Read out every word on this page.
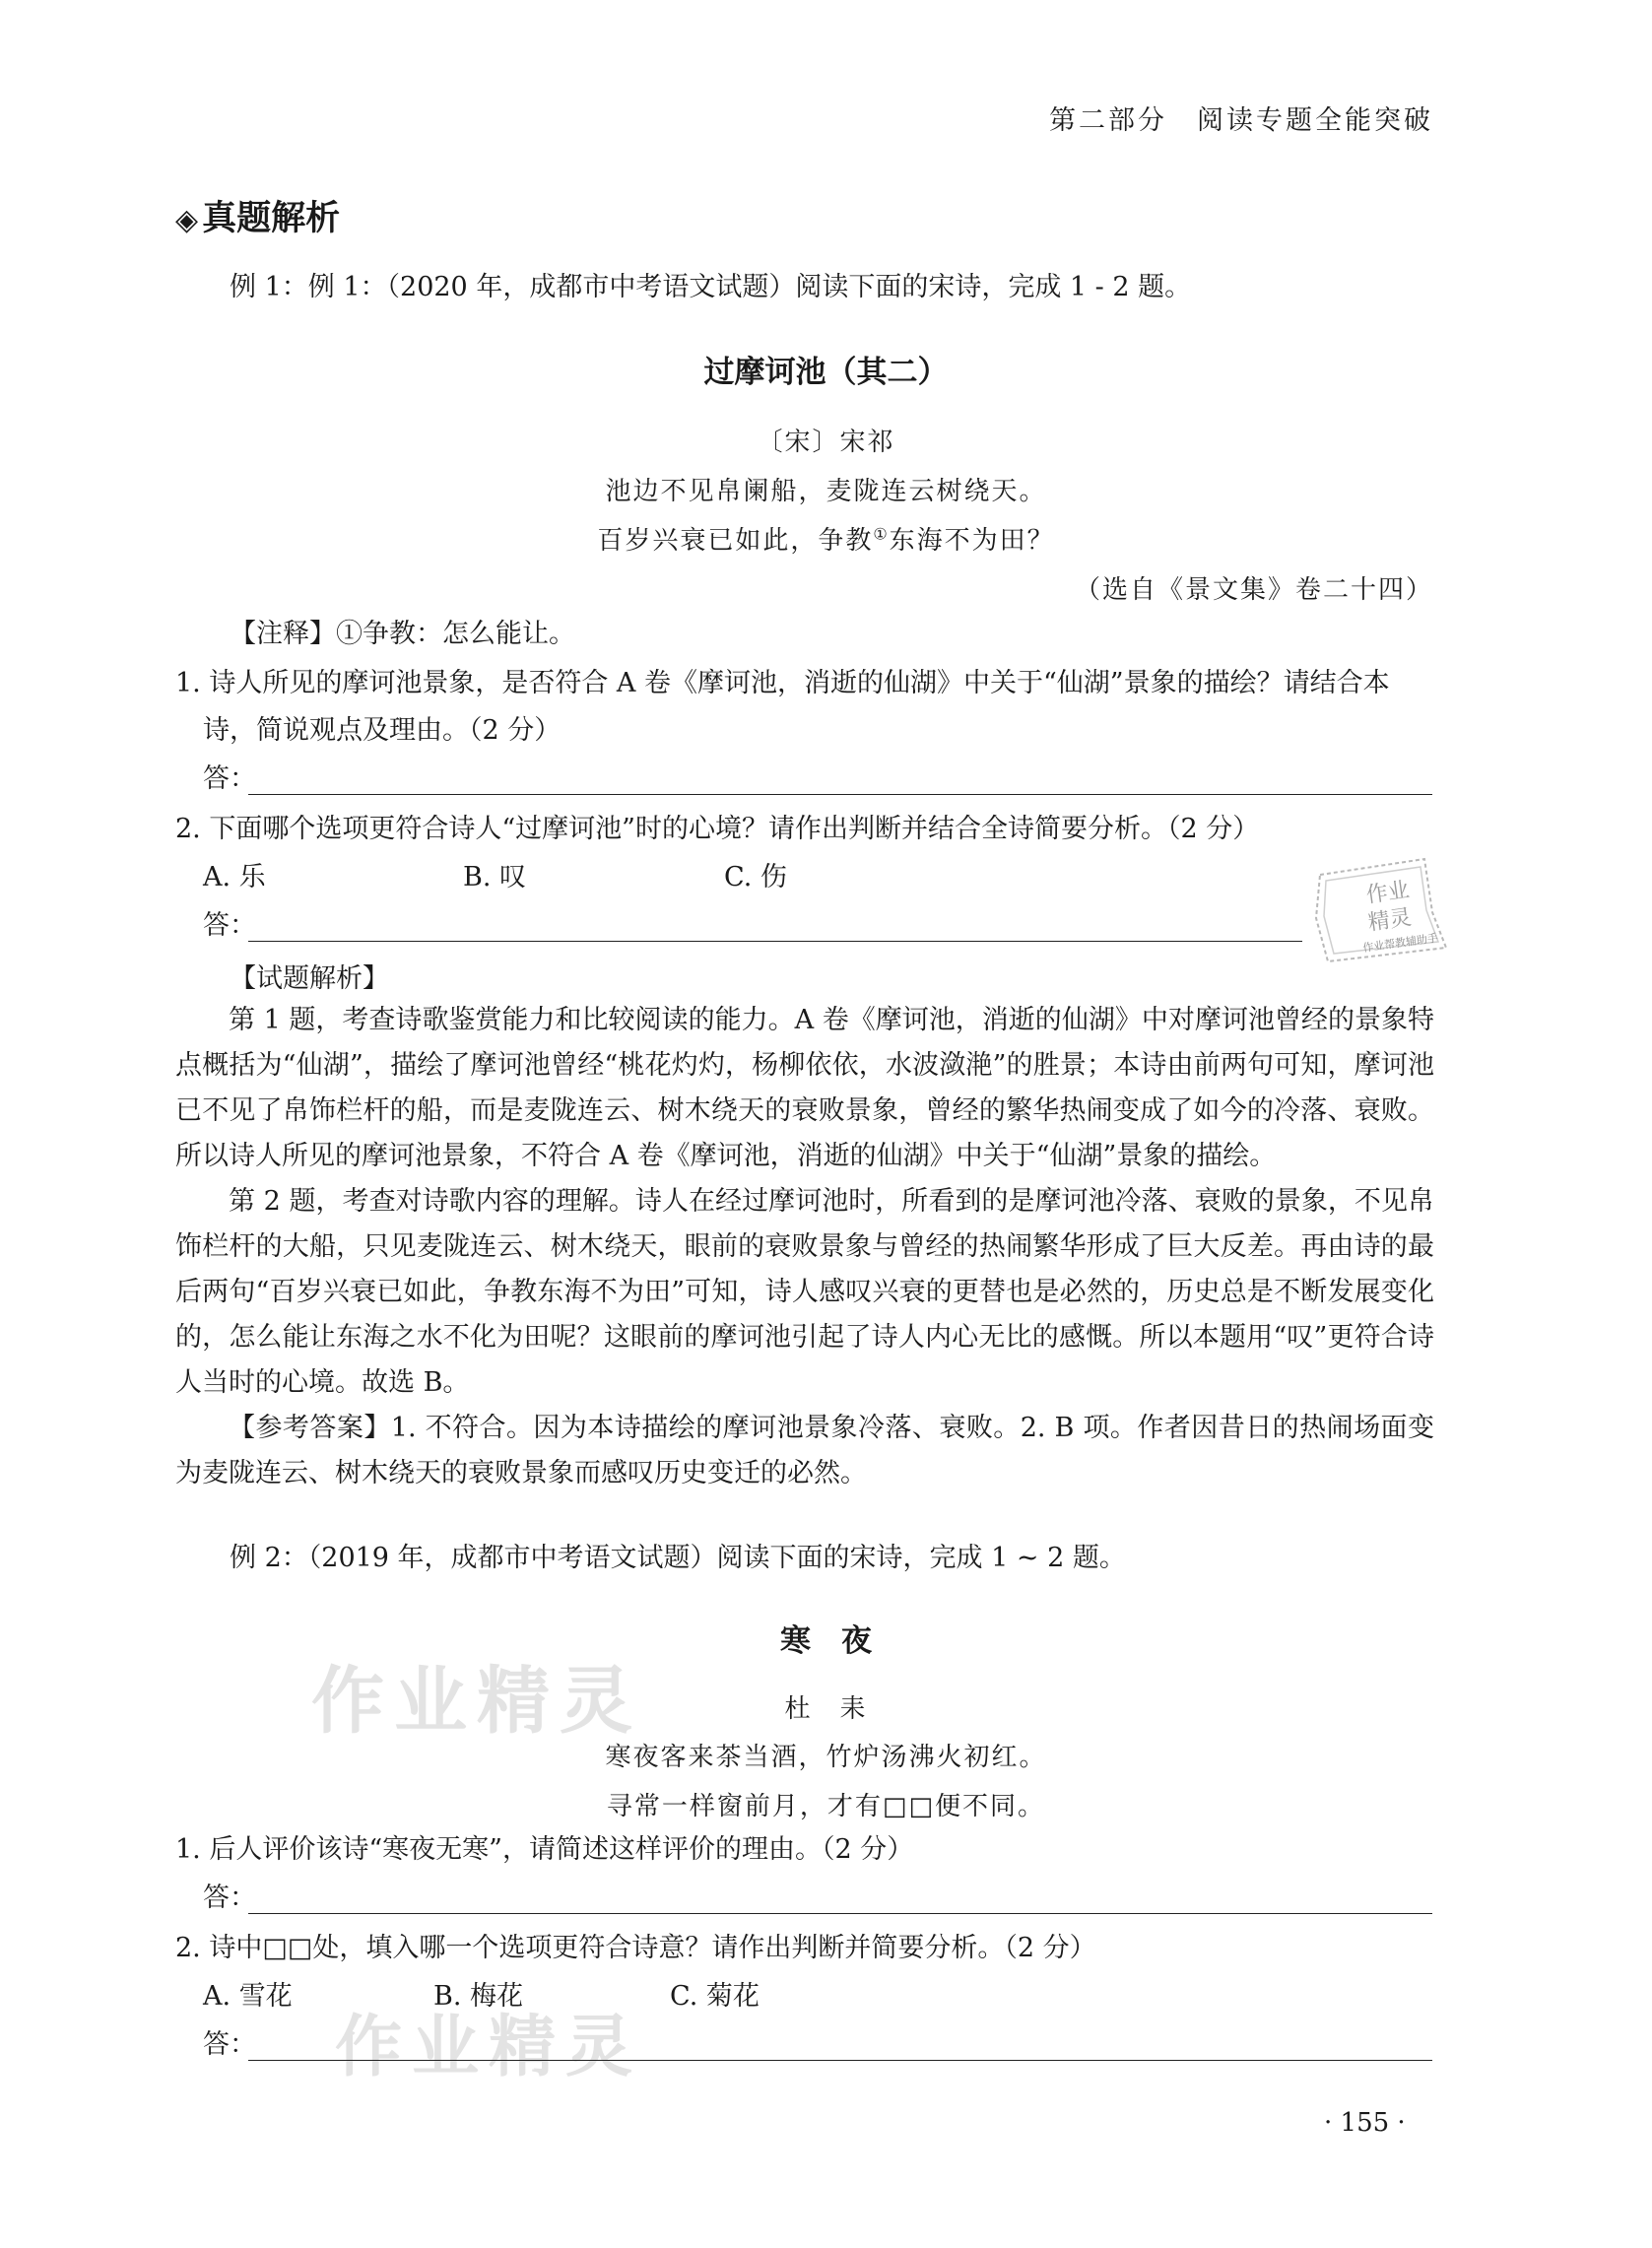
第二部分　阅读专题全能突破
◈ 真题解析
例 1：例 1：（2020 年，成都市中考语文试题）阅读下面的宋诗，完成 1 - 2 题。
过摩诃池（其二）
〔宋〕宋祁
池边不见帛阑船，麦陇连云树绕天。
百岁兴衰已如此，争教①东海不为田？
（选自《景文集》卷二十四）
【注释】①争教：怎么能让。
1. 诗人所见的摩诃池景象，是否符合 A 卷《摩诃池，消逝的仙湖》中关于“仙湖”景象的描绘？请结合本
诗，简说观点及理由。（2 分）
答：
2. 下面哪个选项更符合诗人“过摩诃池”时的心境？请作出判断并结合全诗简要分析。（2 分）
A. 乐	B. 叹	C. 伤
答：
作业
精灵
作业帮教辅助手
【试题解析】

第 1 题，考查诗歌鉴赏能力和比较阅读的能力。A 卷《摩诃池，消逝的仙湖》中对摩诃池曾经的景象特点概括为“仙湖”，描绘了摩诃池曾经“桃花灼灼，杨柳依依，水波潋滟”的胜景；本诗由前两句可知，摩诃池已不见了帛饰栏杆的船，而是麦陇连云、树木绕天的衰败景象，曾经的繁华热闹变成了如今的冷落、衰败。所以诗人所见的摩诃池景象，不符合 A 卷《摩诃池，消逝的仙湖》中关于“仙湖”景象的描绘。

第 2 题，考查对诗歌内容的理解。诗人在经过摩诃池时，所看到的是摩诃池冷落、衰败的景象，不见帛饰栏杆的大船，只见麦陇连云、树木绕天，眼前的衰败景象与曾经的热闹繁华形成了巨大反差。再由诗的最后两句“百岁兴衰已如此，争教东海不为田”可知，诗人感叹兴衰的更替也是必然的，历史总是不断发展变化的，怎么能让东海之水不化为田呢？这眼前的摩诃池引起了诗人内心无比的感慨。所以本题用“叹”更符合诗人当时的心境。故选 B。

【参考答案】1. 不符合。因为本诗描绘的摩诃池景象冷落、衰败。2. B 项。作者因昔日的热闹场面变为麦陇连云、树木绕天的衰败景象而感叹历史变迁的必然。

例 2：（2019 年，成都市中考语文试题）阅读下面的宋诗，完成 1 ~ 2 题。
作业精灵
寒　夜
杜　耒
寒夜客来茶当酒，竹炉汤沸火初红。
寻常一样窗前月，才有□□便不同。
1. 后人评价该诗“寒夜无寒”，请简述这样评价的理由。（2 分）
答：
2. 诗中□□处，填入哪一个选项更符合诗意？请作出判断并简要分析。（2 分）
A. 雪花	B. 梅花	C. 菊花
作业精灵
答：
· 155 ·
